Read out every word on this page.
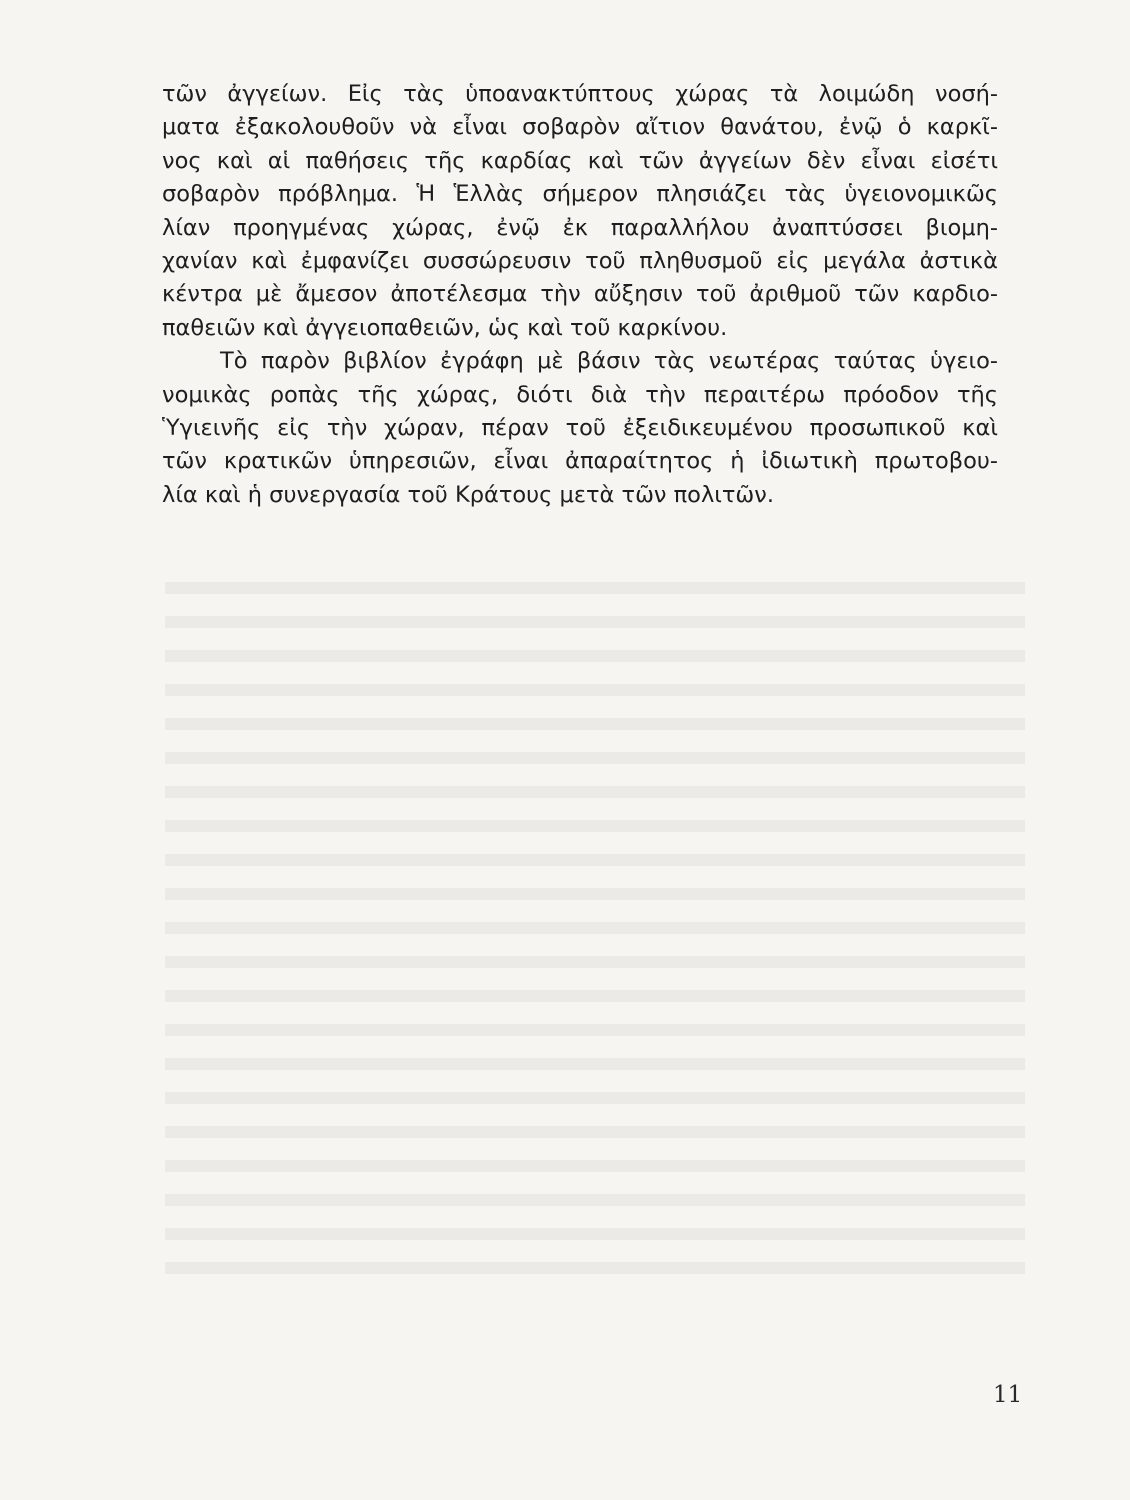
τῶν ἀγγείων. Εἰς τὰς ὑποανακτύπτους χώρας τὰ λοιμώδη νοσή-
ματα ἐξακολουθοῦν νὰ εἶναι σοβαρὸν αἴτιον θανάτου, ἐνῷ ὁ καρκῖ-
νος καὶ αἱ παθήσεις τῆς καρδίας καὶ τῶν ἀγγείων δὲν εἶναι εἰσέτι
σοβαρὸν πρόβλημα. Ἡ Ἑλλὰς σήμερον πλησιάζει τὰς ὑγειονομικῶς
λίαν προηγμένας χώρας, ἐνῷ ἐκ παραλλήλου ἀναπτύσσει βιομη-
χανίαν καὶ ἐμφανίζει συσσώρευσιν τοῦ πληθυσμοῦ εἰς μεγάλα ἀστικὰ
κέντρα μὲ ἄμεσον ἀποτέλεσμα τὴν αὔξησιν τοῦ ἀριθμοῦ τῶν καρδιο-
παθειῶν καὶ ἀγγειοπαθειῶν, ὡς καὶ τοῦ καρκίνου.
Τὸ παρὸν βιβλίον ἐγράφη μὲ βάσιν τὰς νεωτέρας ταύτας ὑγειο-
νομικὰς ροπὰς τῆς χώρας, διότι διὰ τὴν περαιτέρω πρόοδον τῆς
Ὑγιεινῆς εἰς τὴν χώραν, πέραν τοῦ ἐξειδικευμένου προσωπικοῦ καὶ
τῶν κρατικῶν ὑπηρεσιῶν, εἶναι ἀπαραίτητος ἡ ἰδιωτικὴ πρωτοβου-
λία καὶ ἡ συνεργασία τοῦ Κράτους μετὰ τῶν πολιτῶν.
11
